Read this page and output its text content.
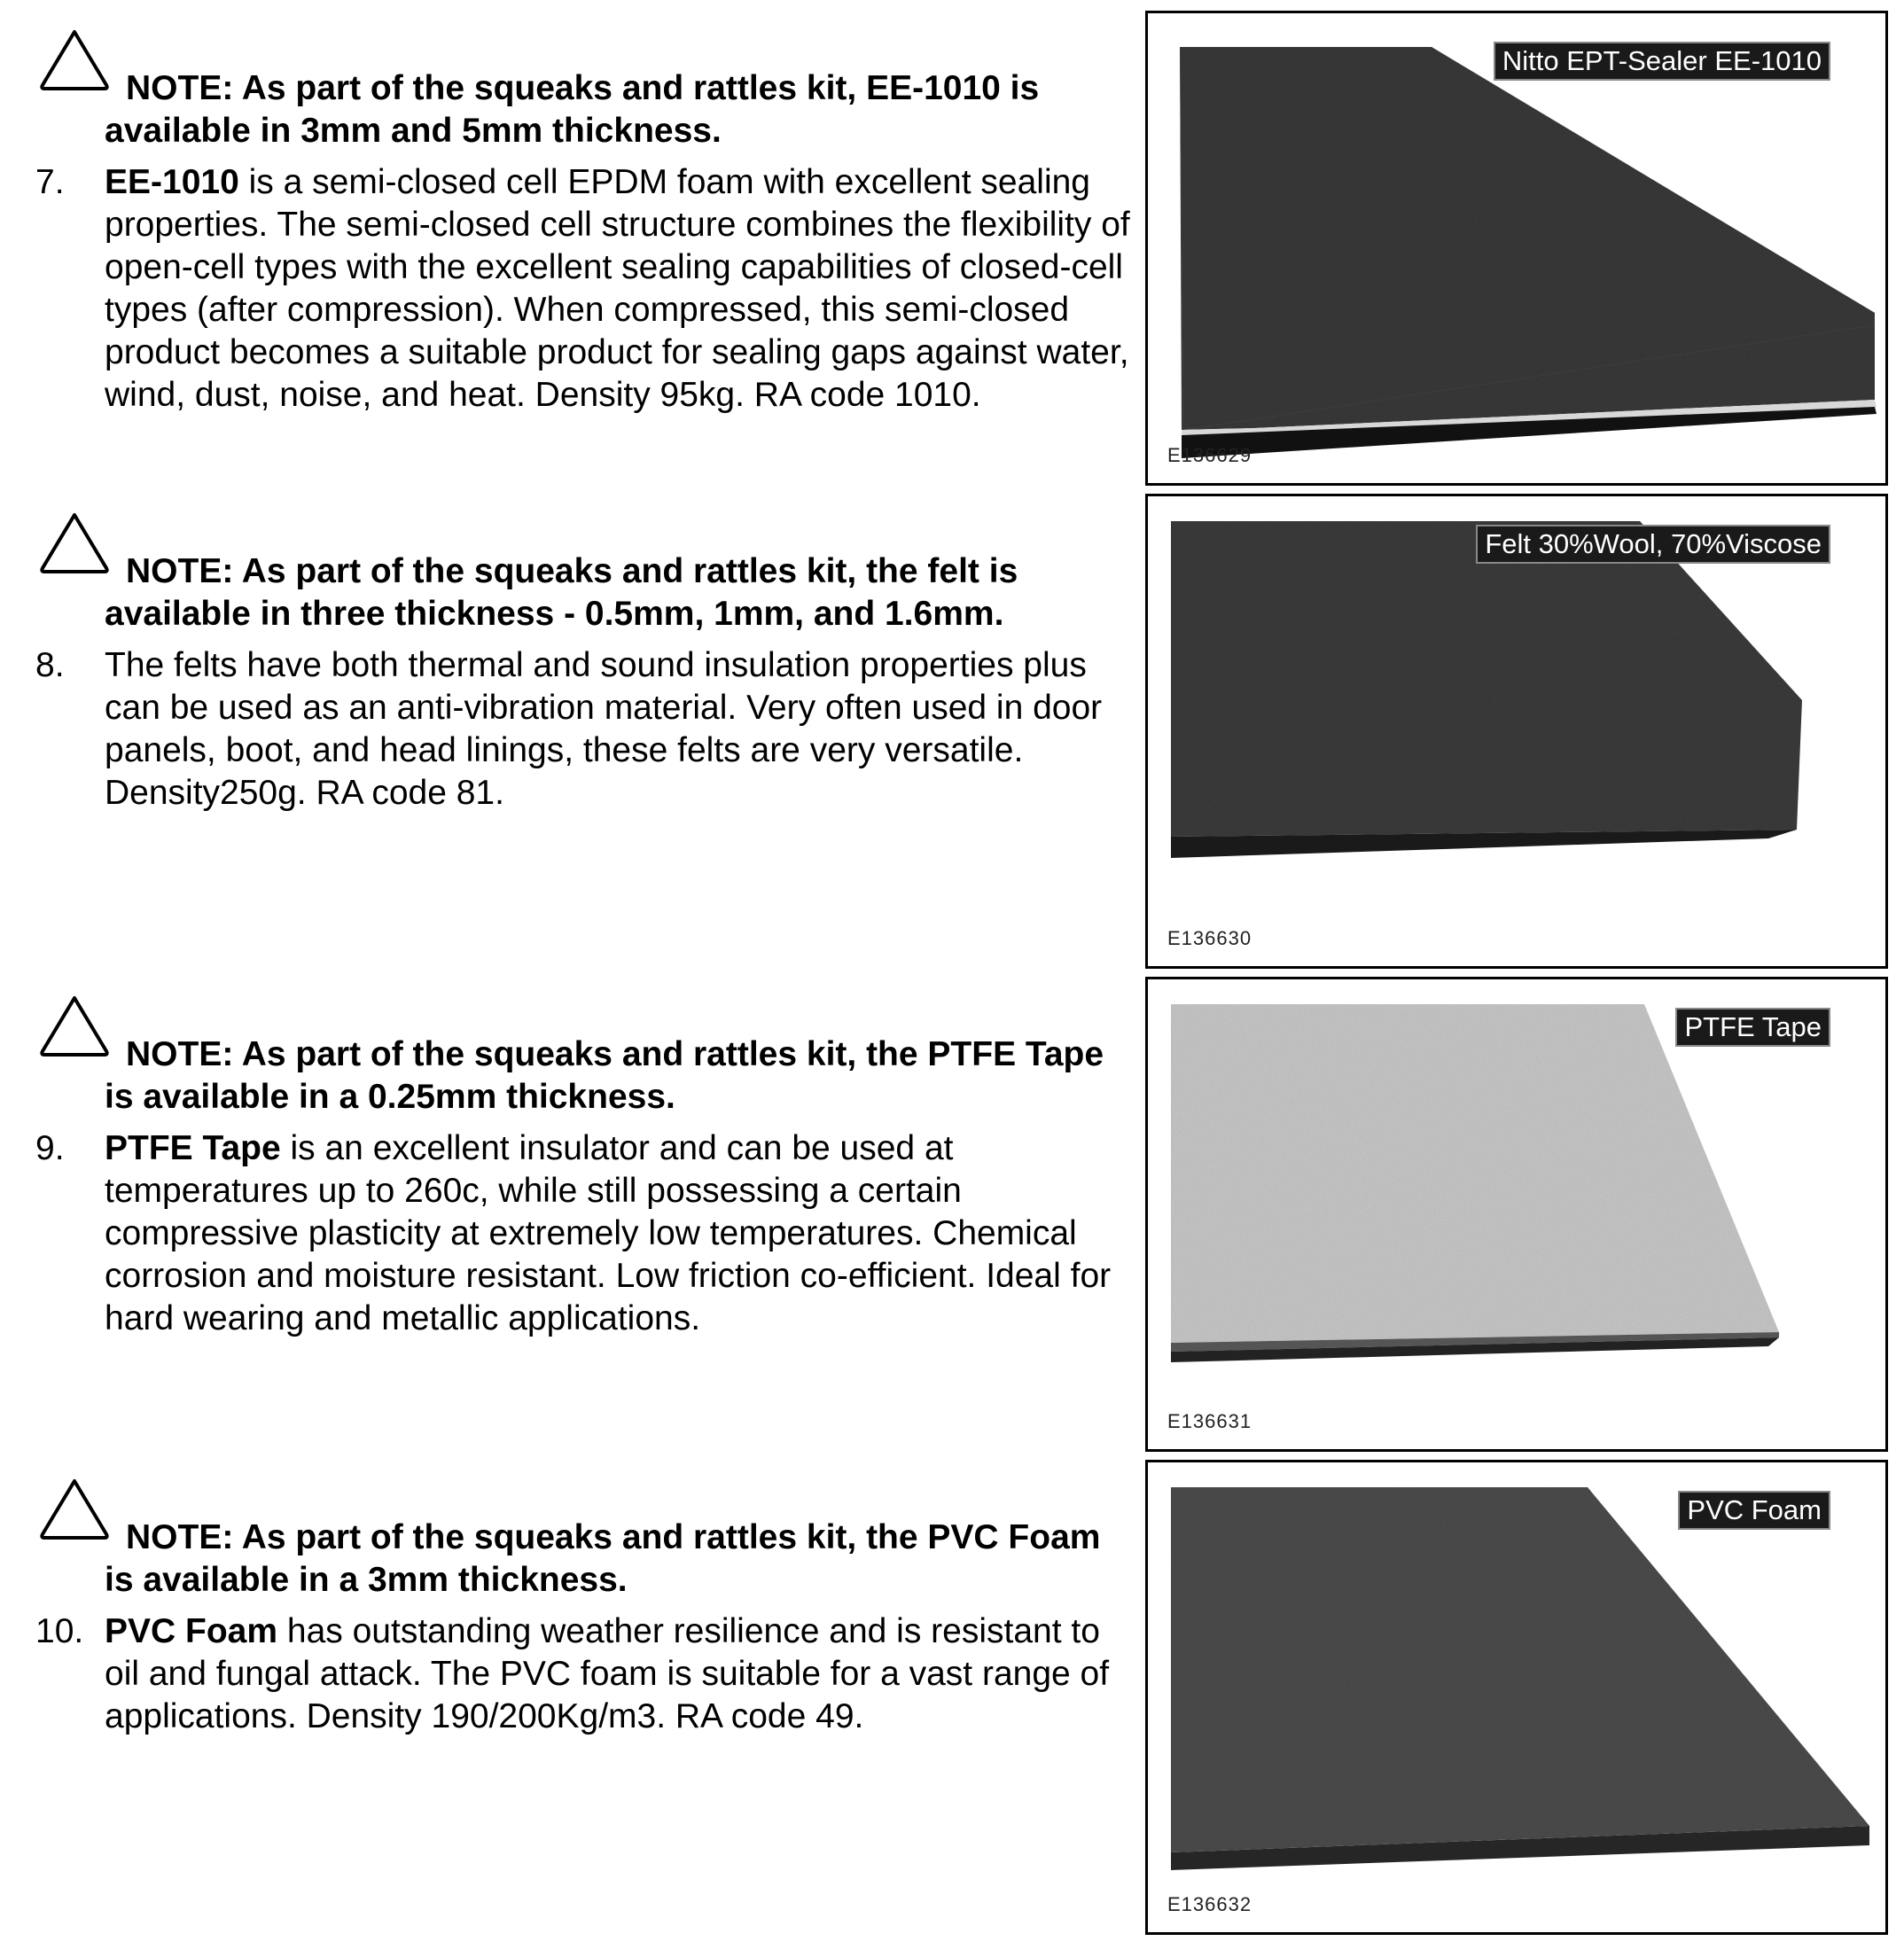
NOTE: As part of the squeaks and rattles kit, EE-1010 is available in 3mm and 5mm thickness.
7.	EE-1010 is a semi-closed cell EPDM foam with excellent sealing properties. The semi-closed cell structure combines the flexibility of open-cell types with the excellent sealing capabilities of closed-cell types (after compression). When compressed, this semi-closed product becomes a suitable product for sealing gaps against water, wind, dust, noise, and heat. Density 95kg. RA code 1010.
Nitto EPT-Sealer EE-1010
E136629
NOTE: As part of the squeaks and rattles kit, the felt is available in three thickness - 0.5mm, 1mm, and 1.6mm.
8.	The felts have both thermal and sound insulation properties plus can be used as an anti-vibration material. Very often used in door panels, boot, and head linings, these felts are very versatile. Density250g. RA code 81.
Felt 30%Wool, 70%Viscose
E136630
NOTE: As part of the squeaks and rattles kit, the PTFE Tape is available in a 0.25mm thickness.
9.	PTFE Tape is an excellent insulator and can be used at temperatures up to 260c, while still possessing a certain compressive plasticity at extremely low temperatures. Chemical corrosion and moisture resistant. Low friction co-efficient. Ideal for hard wearing and metallic applications.
PTFE Tape
E136631
NOTE: As part of the squeaks and rattles kit, the PVC Foam is available in a 3mm thickness.
10. PVC Foam has outstanding weather resilience and is resistant to oil and fungal attack. The PVC foam is suitable for a vast range of applications. Density 190/200Kg/m3. RA code 49.
PVC Foam
E136632
